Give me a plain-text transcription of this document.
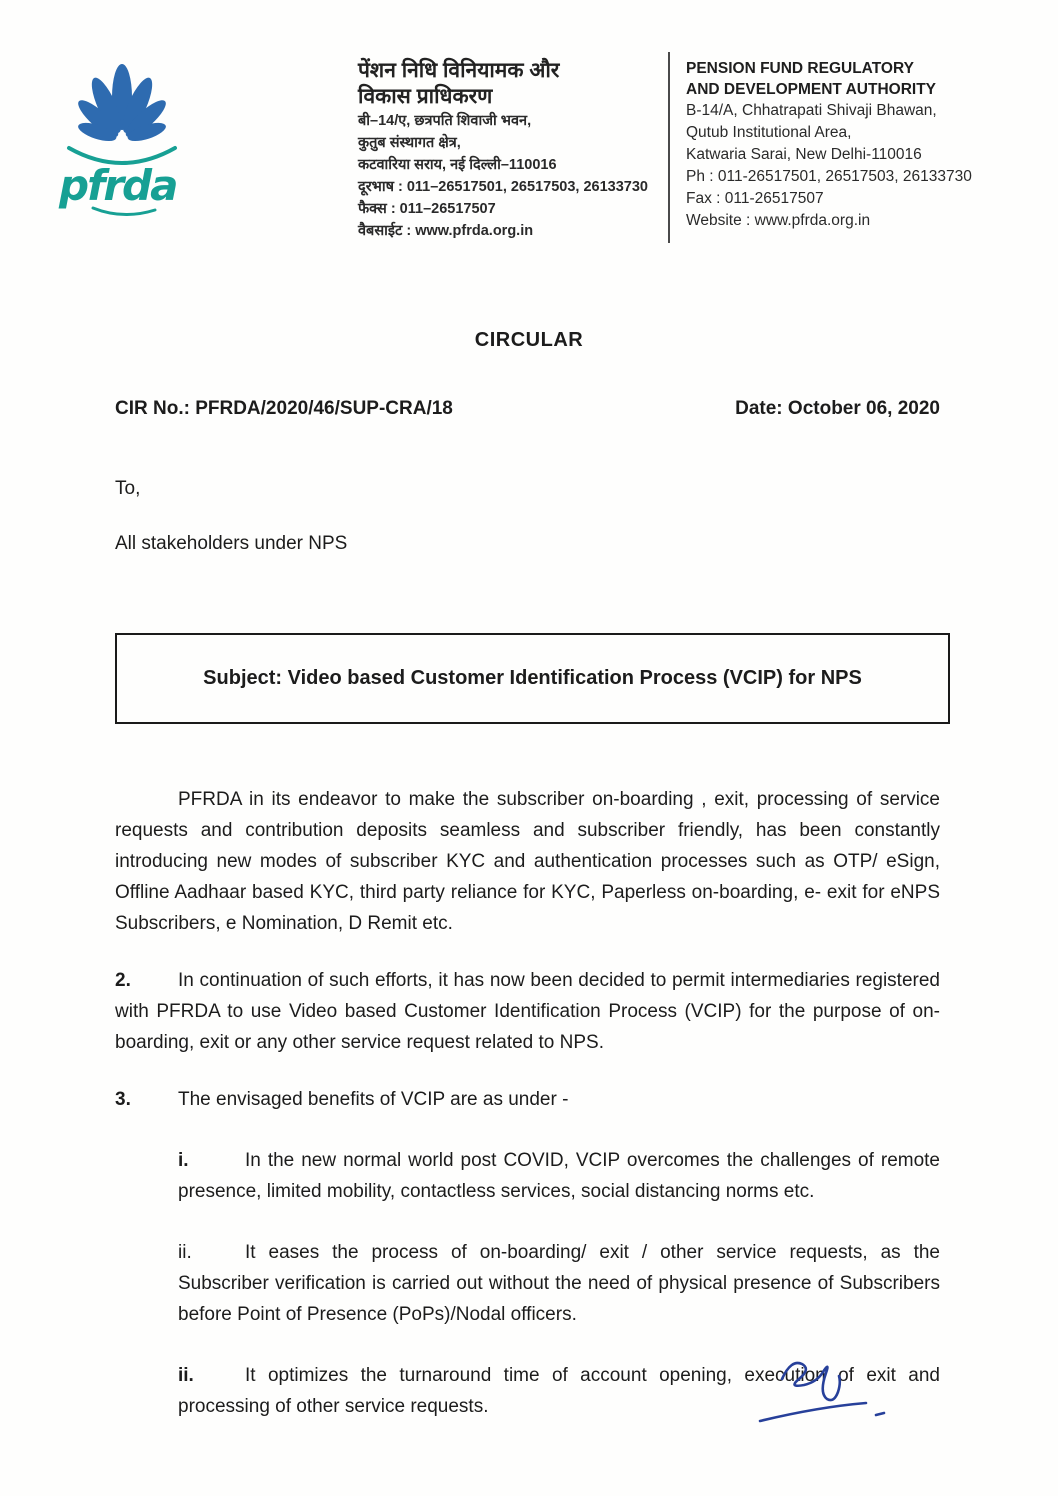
pfrda
पेंशन निधि विनियामक और
विकास प्राधिकरण
बी–14/ए, छत्रपति शिवाजी भवन,
कुतुब संस्थागत क्षेत्र,
कटवारिया सराय, नई दिल्ली–110016
दूरभाष : 011–26517501, 26517503, 26133730
फैक्स : 011–26517507
वैबसाईट : www.pfrda.org.in
PENSION FUND REGULATORY
AND DEVELOPMENT AUTHORITY
B-14/A, Chhatrapati Shivaji Bhawan,
Qutub Institutional Area,
Katwaria Sarai, New Delhi-110016
Ph : 011-26517501, 26517503, 26133730
Fax : 011-26517507
Website : www.pfrda.org.in
CIRCULAR
CIR No.: PFRDA/2020/46/SUP-CRA/18	Date: October 06, 2020

To,

All stakeholders under NPS

Subject: Video based Customer Identification Process (VCIP) for NPS

PFRDA in its endeavor to make the subscriber on-boarding , exit, processing of service requests and contribution deposits seamless and subscriber friendly, has been constantly introducing new modes of subscriber KYC and authentication processes such as OTP/ eSign, Offline Aadhaar based KYC, third party reliance for KYC, Paperless on-boarding, e- exit for eNPS Subscribers, e Nomination, D Remit etc.

2. In continuation of such efforts, it has now been decided to permit intermediaries registered with PFRDA to use Video based Customer Identification Process (VCIP) for the purpose of on-boarding, exit or any other service request related to NPS.

3. The envisaged benefits of VCIP are as under -

i.	In the new normal world post COVID, VCIP overcomes the challenges of remote presence, limited mobility, contactless services, social distancing norms etc.

ii.	It eases the process of on-boarding/ exit / other service requests, as the Subscriber verification is carried out without the need of physical presence of Subscribers before Point of Presence (PoPs)/Nodal officers.

ii.	It optimizes the turnaround time of account opening, execution of exit and processing of other service requests.
